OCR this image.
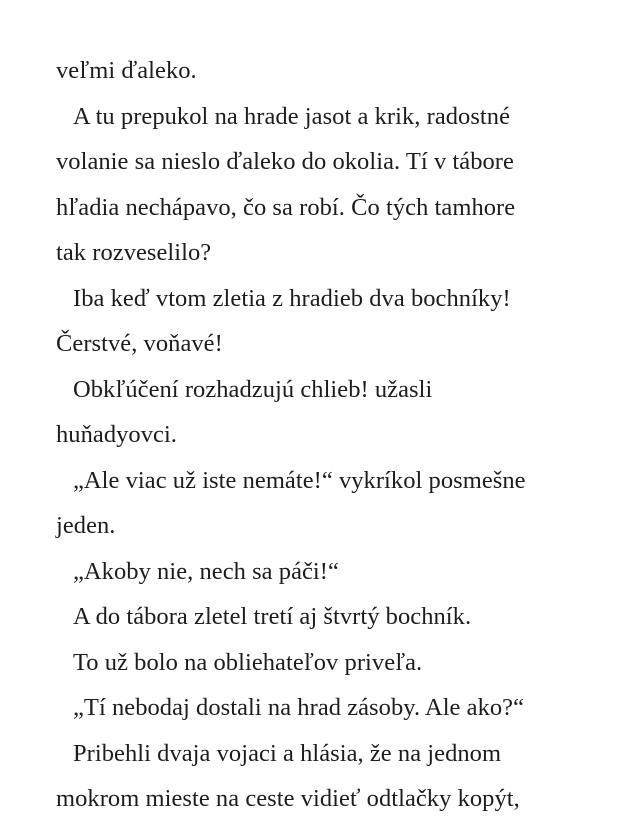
veľmi ďaleko.
A tu prepukol na hrade jasot a krik, radostné
volanie sa nieslo ďaleko do okolia. Tí v tábore
hľadia nechápavo, čo sa robí. Čo tých tamhore
tak rozveselilo?
Iba keď vtom zletia z hradieb dva bochníky!
Čerstvé, voňavé!
Obkľúčení rozhadzujú chlieb! užasli
huňadyovci.
„Ale viac už iste nemáte!“ vykríkol posmešne
jeden.
„Akoby nie, nech sa páči!“
A do tábora zletel tretí aj štvrtý bochník.
To už bolo na obliehateľov priveľa.
„Tí nebodaj dostali na hrad zásoby. Ale ako?“
Pribehli dvaja vojaci a hlásia, že na jednom
mokrom mieste na ceste vidieť odtlačky kopýt,
